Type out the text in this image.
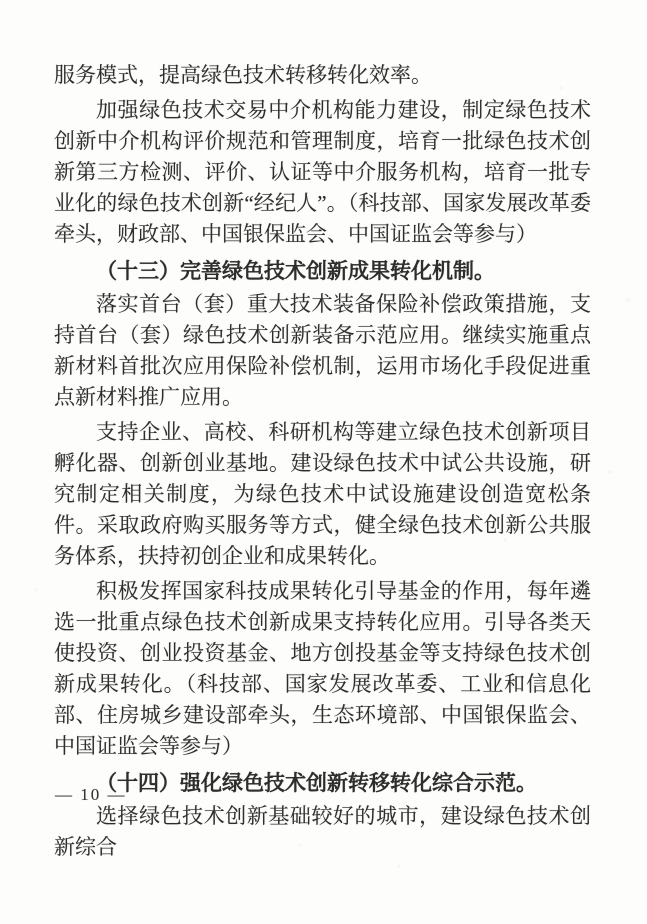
服务模式，提高绿色技术转移转化效率。

加强绿色技术交易中介机构能力建设，制定绿色技术创新中介机构评价规范和管理制度，培育一批绿色技术创新第三方检测、评价、认证等中介服务机构，培育一批专业化的绿色技术创新“经纪人”。（科技部、国家发展改革委牵头，财政部、中国银保监会、中国证监会等参与）

（十三）完善绿色技术创新成果转化机制。

落实首台（套）重大技术装备保险补偿政策措施，支持首台（套）绿色技术创新装备示范应用。继续实施重点新材料首批次应用保险补偿机制，运用市场化手段促进重点新材料推广应用。

支持企业、高校、科研机构等建立绿色技术创新项目孵化器、创新创业基地。建设绿色技术中试公共设施，研究制定相关制度，为绿色技术中试设施建设创造宽松条件。采取政府购买服务等方式，健全绿色技术创新公共服务体系，扶持初创企业和成果转化。

积极发挥国家科技成果转化引导基金的作用，每年遴选一批重点绿色技术创新成果支持转化应用。引导各类天使投资、创业投资基金、地方创投基金等支持绿色技术创新成果转化。（科技部、国家发展改革委、工业和信息化部、住房城乡建设部牵头，生态环境部、中国银保监会、中国证监会等参与）

（十四）强化绿色技术创新转移转化综合示范。

选择绿色技术创新基础较好的城市，建设绿色技术创新综合

— 10 —
